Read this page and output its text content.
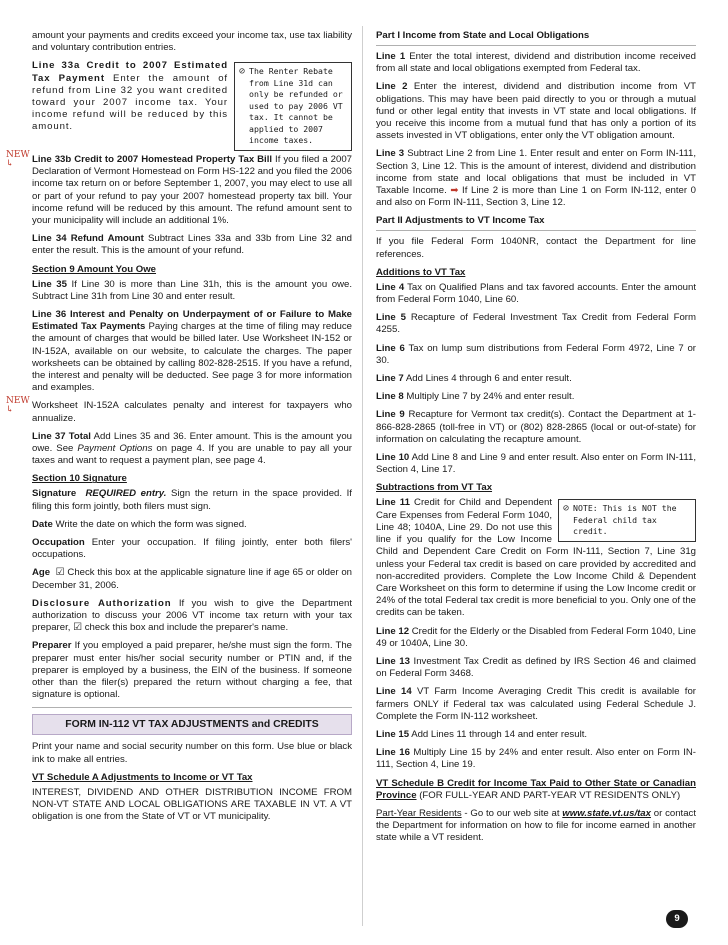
amount your payments and credits exceed your income tax, use tax liability and voluntary contribution entries.

⊘ The Renter Rebate from Line 31d can only be refunded or used to pay 2006 VT tax. It cannot be applied to 2007 income taxes.

Line 33a Credit to 2007 Estimated Tax Payment Enter the amount of refund from Line 32 you want credited toward your 2007 income tax. Your income refund will be reduced by this amount.

NEW
↳	Line 33b Credit to 2007 Homestead Property Tax Bill If you filed a 2007 Declaration of Vermont Homestead on Form HS-122 and you filed the 2006 income tax return on or before September 1, 2007, you may elect to use all or part of your refund to pay your 2007 homestead property tax bill. Your income refund will be reduced by this amount. The refund amount sent to your municipality will include an additional 1%.

Line 34 Refund Amount Subtract Lines 33a and 33b from Line 32 and enter the result. This is the amount of your refund.

Section 9 Amount You Owe

Line 35 If Line 30 is more than Line 31h, this is the amount you owe. Subtract Line 31h from Line 30 and enter result.

Line 36 Interest and Penalty on Underpayment of or Failure to Make Estimated Tax Payments Paying charges at the time of filing may reduce the amount of charges that would be billed later. Use Worksheet IN-152 or IN-152A, available on our website, to calculate the charges. The paper worksheets can be obtained by calling 802-828-2515. If you have a refund, the interest and penalty will be deducted. See page 3 for more information and examples.

NEW
↳	Worksheet IN-152A calculates penalty and interest for taxpayers who annualize.

Line 37 Total Add Lines 35 and 36. Enter amount. This is the amount you owe. See Payment Options on page 4. If you are unable to pay all your taxes and want to request a payment plan, see page 4.

Section 10 Signature

Signature REQUIRED entry. Sign the return in the space provided. If filing this form jointly, both filers must sign.

Date Write the date on which the form was signed.

Occupation Enter your occupation. If filing jointly, enter both filers' occupations.

Age ☑ Check this box at the applicable signature line if age 65 or older on December 31, 2006.

Disclosure Authorization If you wish to give the Department authorization to discuss your 2006 VT income tax return with your tax preparer, ☑ check this box and include the preparer's name.

Preparer If you employed a paid preparer, he/she must sign the form. The preparer must enter his/her social security number or PTIN and, if the preparer is employed by a business, the EIN of the business. If someone other than the filer(s) prepared the return without charging a fee, that signature is optional.

FORM IN-112 VT TAX ADJUSTMENTS and CREDITS

Print your name and social security number on this form. Use blue or black ink to make all entries.

VT Schedule A Adjustments to Income or VT Tax

INTEREST, DIVIDEND AND OTHER DISTRIBUTION INCOME FROM NON-VT STATE AND LOCAL OBLIGATIONS ARE TAXABLE IN VT. A VT obligation is one from the State of VT or VT municipality.

Part I Income from State and Local Obligations

Line 1 Enter the total interest, dividend and distribution income received from all state and local obligations exempted from Federal tax.

Line 2 Enter the interest, dividend and distribution income from VT obligations. This may have been paid directly to you or through a mutual fund or other legal entity that invests in VT state and local obligations. If you receive this income from a mutual fund that has only a portion of its assets invested in VT obligations, enter only the VT obligation amount.

Line 3 Subtract Line 2 from Line 1. Enter result and enter on Form IN-111, Section 3, Line 12. This is the amount of interest, dividend and distribution income from state and local obligations that must be included in VT Taxable Income. ➡ If Line 2 is more than Line 1 on Form IN-112, enter 0 and also on Form IN-111, Section 3, Line 12.

Part II Adjustments to VT Income Tax

If you file Federal Form 1040NR, contact the Department for line references.

Additions to VT Tax

Line 4 Tax on Qualified Plans and tax favored accounts. Enter the amount from Federal Form 1040, Line 60.

Line 5 Recapture of Federal Investment Tax Credit from Federal Form 4255.

Line 6 Tax on lump sum distributions from Federal Form 4972, Line 7 or 30.

Line 7 Add Lines 4 through 6 and enter result.

Line 8 Multiply Line 7 by 24% and enter result.

Line 9 Recapture for Vermont tax credit(s). Contact the Department at 1-866-828-2865 (toll-free in VT) or (802) 828-2865 (local or out-of-state) for information on calculating the recapture amount.

Line 10 Add Line 8 and Line 9 and enter result. Also enter on Form IN-111, Section 4, Line 17.

Subtractions from VT Tax
⊘ NOTE: This is NOT the Federal child tax credit.

Line 11 Credit for Child and Dependent Care Expenses from Federal Form 1040, Line 48; 1040A, Line 29. Do not use this line if you qualify for the Low Income Child and Dependent Care Credit on Form IN-111, Section 7, Line 31g unless your Federal tax credit is based on care provided by accredited and non-accredited providers. Complete the Low Income Child & Dependent Care Worksheet on this form to determine if using the Low Income credit or 24% of the total Federal tax credit is more beneficial to you. Only one of the credits can be taken.

Line 12 Credit for the Elderly or the Disabled from Federal Form 1040, Line 49 or 1040A, Line 30.

Line 13 Investment Tax Credit as defined by IRS Section 46 and claimed on Federal Form 3468.

Line 14 VT Farm Income Averaging Credit This credit is available for farmers ONLY if Federal tax was calculated using Federal Schedule J. Complete the Form IN-112 worksheet.

Line 15 Add Lines 11 through 14 and enter result.

Line 16 Multiply Line 15 by 24% and enter result. Also enter on Form IN-111, Section 4, Line 19.

VT Schedule B Credit for Income Tax Paid to Other State or Canadian Province (FOR FULL-YEAR AND PART-YEAR VT RESIDENTS ONLY)

Part-Year Residents - Go to our web site at www.state.vt.us/tax or contact the Department for information on how to file for income earned in another state while a VT resident.

9
